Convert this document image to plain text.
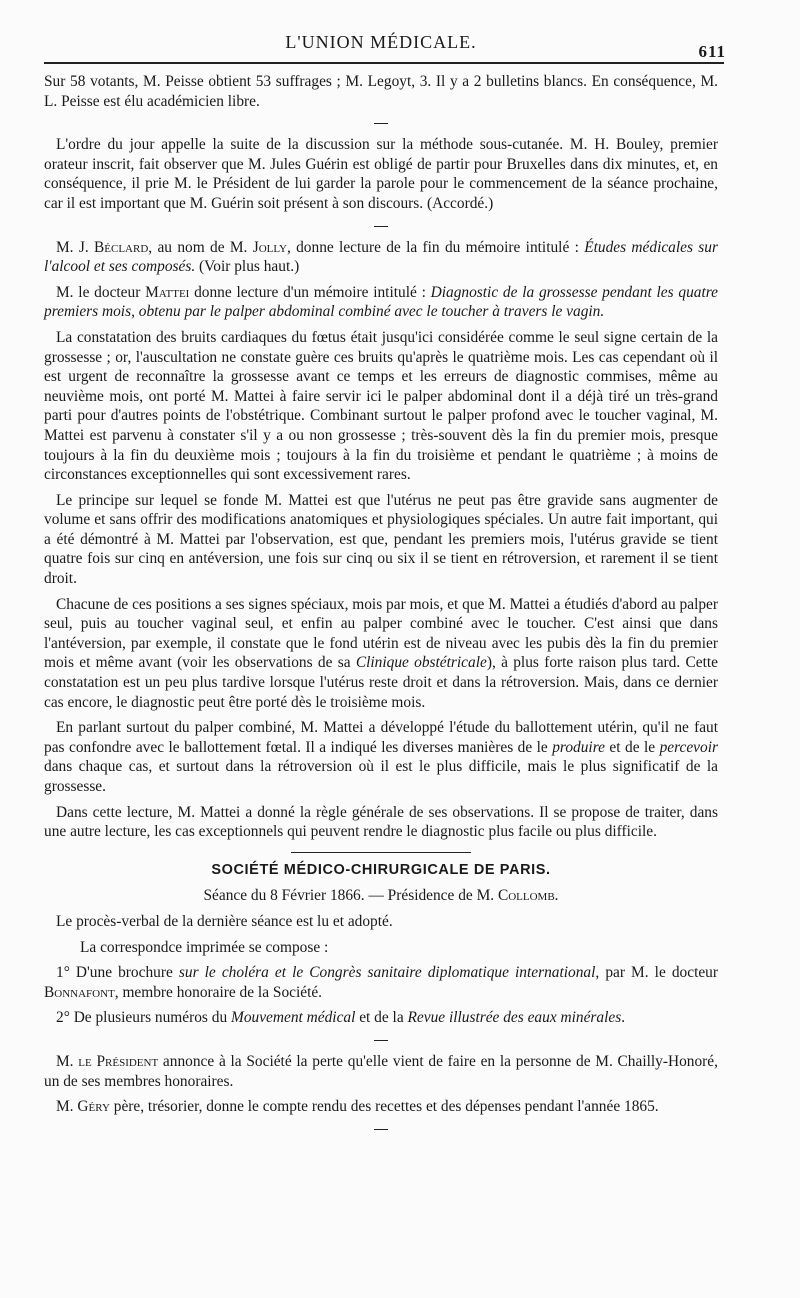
L'UNION MÉDICALE.	611

Sur 58 votants, M. Peisse obtient 53 suffrages ; M. Legoyt, 3. Il y a 2 bulletins blancs. En conséquence, M. L. Peisse est élu académicien libre.

L'ordre du jour appelle la suite de la discussion sur la méthode sous-cutanée. M. H. Bouley, premier orateur inscrit, fait observer que M. Jules Guérin est obligé de partir pour Bruxelles dans dix minutes, et, en conséquence, il prie M. le Président de lui garder la parole pour le commencement de la séance prochaine, car il est important que M. Guérin soit présent à son discours. (Accordé.)

M. J. Béclard, au nom de M. Jolly, donne lecture de la fin du mémoire intitulé : Études médicales sur l'alcool et ses composés. (Voir plus haut.)

M. le docteur Mattei donne lecture d'un mémoire intitulé : Diagnostic de la grossesse pendant les quatre premiers mois, obtenu par le palper abdominal combiné avec le toucher à travers le vagin.

La constatation des bruits cardiaques du fœtus était jusqu'ici considérée comme le seul signe certain de la grossesse ; or, l'auscultation ne constate guère ces bruits qu'après le quatrième mois. Les cas cependant où il est urgent de reconnaître la grossesse avant ce temps et les erreurs de diagnostic commises, même au neuvième mois, ont porté M. Mattei à faire servir ici le palper abdominal dont il a déjà tiré un très-grand parti pour d'autres points de l'obstétrique. Combinant surtout le palper profond avec le toucher vaginal, M. Mattei est parvenu à constater s'il y a ou non grossesse ; très-souvent dès la fin du premier mois, presque toujours à la fin du deuxième mois ; toujours à la fin du troisième et pendant le quatrième ; à moins de circonstances exceptionnelles qui sont excessivement rares.

Le principe sur lequel se fonde M. Mattei est que l'utérus ne peut pas être gravide sans augmenter de volume et sans offrir des modifications anatomiques et physiologiques spéciales. Un autre fait important, qui a été démontré à M. Mattei par l'observation, est que, pendant les premiers mois, l'utérus gravide se tient quatre fois sur cinq en antéversion, une fois sur cinq ou six il se tient en rétroversion, et rarement il se tient droit.

Chacune de ces positions a ses signes spéciaux, mois par mois, et que M. Mattei a étudiés d'abord au palper seul, puis au toucher vaginal seul, et enfin au palper combiné avec le toucher. C'est ainsi que dans l'antéversion, par exemple, il constate que le fond utérin est de niveau avec les pubis dès la fin du premier mois et même avant (voir les observations de sa Clinique obstétricale), à plus forte raison plus tard. Cette constatation est un peu plus tardive lorsque l'utérus reste droit et dans la rétroversion. Mais, dans ce dernier cas encore, le diagnostic peut être porté dès le troisième mois.

En parlant surtout du palper combiné, M. Mattei a développé l'étude du ballottement utérin, qu'il ne faut pas confondre avec le ballottement fœtal. Il a indiqué les diverses manières de le produire et de le percevoir dans chaque cas, et surtout dans la rétroversion où il est le plus difficile, mais le plus significatif de la grossesse.

Dans cette lecture, M. Mattei a donné la règle générale de ses observations. Il se propose de traiter, dans une autre lecture, les cas exceptionnels qui peuvent rendre le diagnostic plus facile ou plus difficile.

SOCIÉTÉ MÉDICO-CHIRURGICALE DE PARIS.

Séance du 8 Février 1866. — Présidence de M. Collomb.

Le procès-verbal de la dernière séance est lu et adopté.

La correspondce imprimée se compose :

1° D'une brochure sur le choléra et le Congrès sanitaire diplomatique international, par M. le docteur Bonnafont, membre honoraire de la Société.

2° De plusieurs numéros du Mouvement médical et de la Revue illustrée des eaux minérales.

M. le Président annonce à la Société la perte qu'elle vient de faire en la personne de M. Chailly-Honoré, un de ses membres honoraires.

M. Géry père, trésorier, donne le compte rendu des recettes et des dépenses pendant l'année 1865.
